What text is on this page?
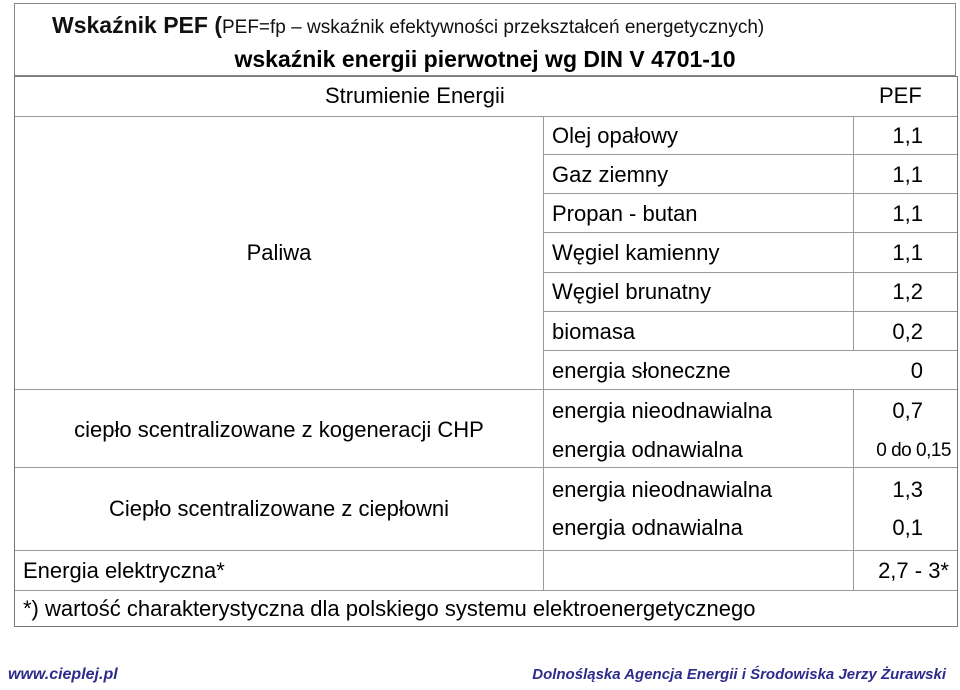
Wskaźnik PEF (PEF=fp – wskaźnik efektywności przekształceń energetycznych)
wskaźnik energii pierwotnej wg DIN V 4701-10
Strumienie Energii	PEF
Paliwa
ciepło scentralizowane z kogeneracji CHP
Ciepło scentralizowane z ciepłowni
Energia elektryczna*
Olej opałowy
Gaz ziemny
Propan - butan
Węgiel kamienny
Węgiel brunatny
biomasa
energia słoneczne
energia nieodnawialna
energia odnawialna
energia nieodnawialna
energia odnawialna
1,1
1,1
1,1
1,1
1,2
0,2
0
0,7
0 do 0,15
1,3
0,1
2,7 - 3*
*) wartość charakterystyczna dla polskiego systemu elektroenergetycznego
www.cieplej.pl	Dolnośląska Agencja Energii i Środowiska Jerzy Żurawski
